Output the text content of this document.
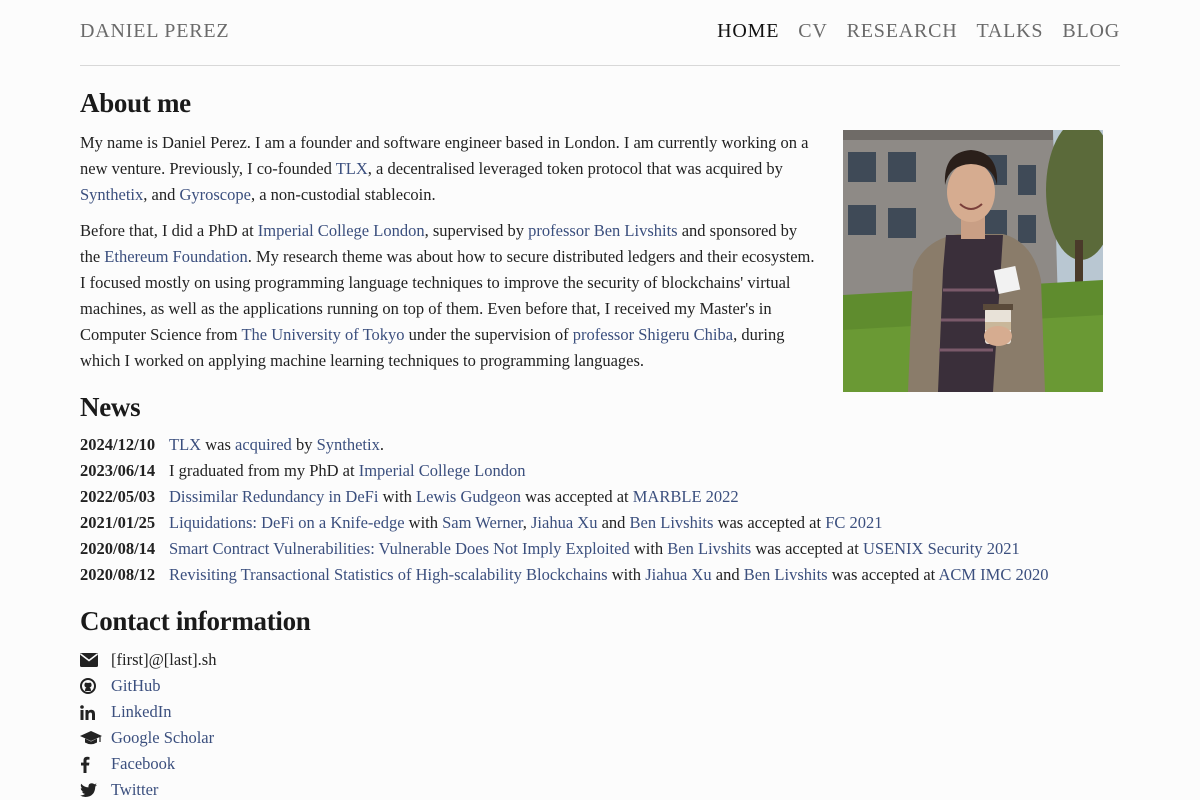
DANIEL PEREZ	HOME CV RESEARCH TALKS BLOG
About me

My name is Daniel Perez. I am a founder and software engineer based in London. I am currently working on a new venture. Previously, I co-founded TLX, a decentralised leveraged token protocol that was acquired by Synthetix, and Gyroscope, a non-custodial stablecoin.

Before that, I did a PhD at Imperial College London, supervised by professor Ben Livshits and sponsored by the Ethereum Foundation. My research theme was about how to secure distributed ledgers and their ecosystem. I focused mostly on using programming language techniques to improve the security of blockchains' virtual machines, as well as the applications running on top of them. Even before that, I received my Master's in Computer Science from The University of Tokyo under the supervision of professor Shigeru Chiba, during which I worked on applying machine learning techniques to programming languages.

News
2024/12/10 TLX was acquired by Synthetix.
2023/06/14 I graduated from my PhD at Imperial College London
2022/05/03 Dissimilar Redundancy in DeFi with Lewis Gudgeon was accepted at MARBLE 2022
2021/01/25 Liquidations: DeFi on a Knife-edge with Sam Werner, Jiahua Xu and Ben Livshits was accepted at FC 2021
2020/08/14 Smart Contract Vulnerabilities: Vulnerable Does Not Imply Exploited with Ben Livshits was accepted at USENIX Security 2021
2020/08/12 Revisiting Transactional Statistics of High-scalability Blockchains with Jiahua Xu and Ben Livshits was accepted at ACM IMC 2020
Contact information
[first]@[last].sh
GitHub
LinkedIn
Google Scholar
Facebook
Twitter
